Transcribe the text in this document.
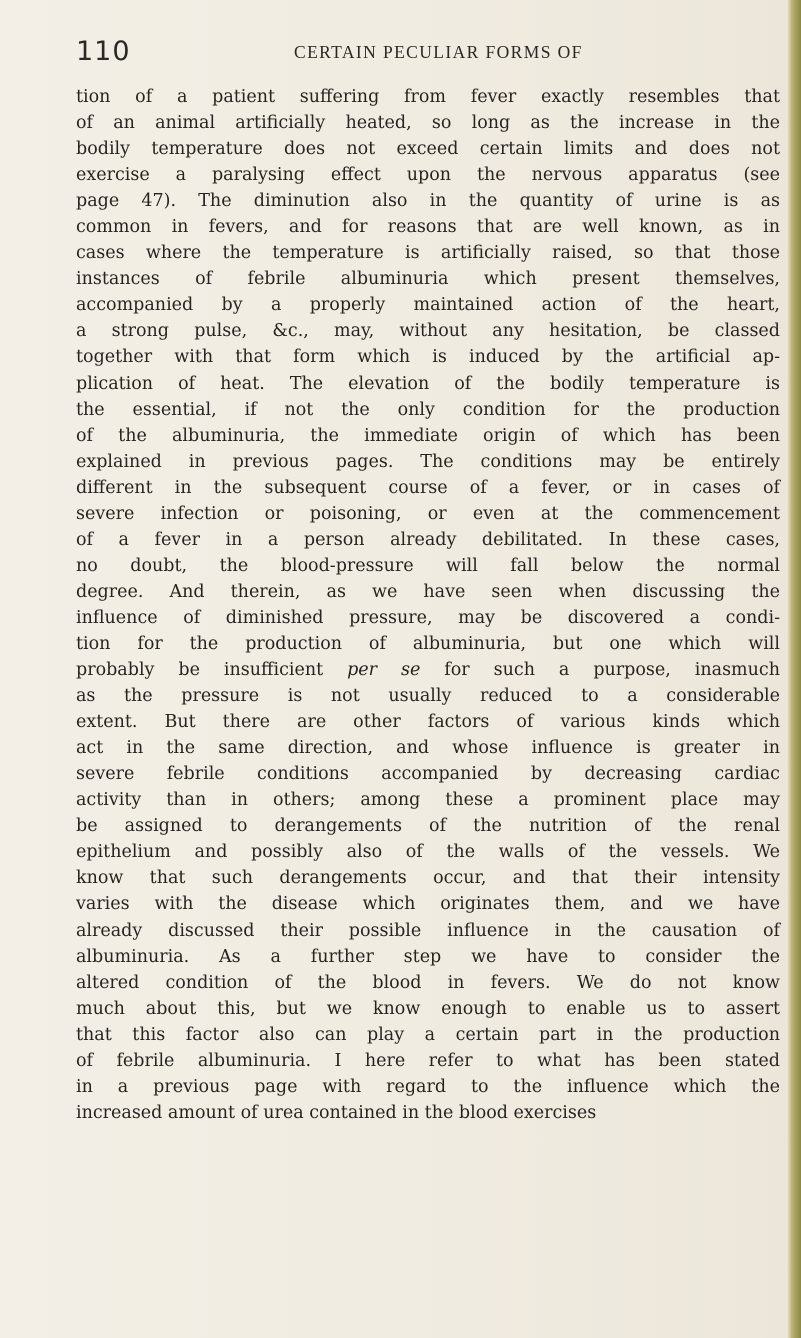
110	CERTAIN PECULIAR FORMS OF
tion of a patient suffering from fever exactly resembles that
of an animal artificially heated, so long as the increase in the
bodily temperature does not exceed certain limits and does not
exercise a paralysing effect upon the nervous apparatus (see
page 47). The diminution also in the quantity of urine is as
common in fevers, and for reasons that are well known, as in
cases where the temperature is artificially raised, so that those
instances of febrile albuminuria which present themselves,
accompanied by a properly maintained action of the heart,
a strong pulse, &c., may, without any hesitation, be classed
together with that form which is induced by the artificial ap-
plication of heat. The elevation of the bodily temperature is
the essential, if not the only condition for the production
of the albuminuria, the immediate origin of which has been
explained in previous pages. The conditions may be entirely
different in the subsequent course of a fever, or in cases of
severe infection or poisoning, or even at the commencement
of a fever in a person already debilitated. In these cases,
no doubt, the blood-pressure will fall below the normal
degree. And therein, as we have seen when discussing the
influence of diminished pressure, may be discovered a condi-
tion for the production of albuminuria, but one which will
probably be insufficient per se for such a purpose, inasmuch
as the pressure is not usually reduced to a considerable
extent. But there are other factors of various kinds which
act in the same direction, and whose influence is greater in
severe febrile conditions accompanied by decreasing cardiac
activity than in others; among these a prominent place may
be assigned to derangements of the nutrition of the renal
epithelium and possibly also of the walls of the vessels. We
know that such derangements occur, and that their intensity
varies with the disease which originates them, and we have
already discussed their possible influence in the causation of
albuminuria. As a further step we have to consider the
altered condition of the blood in fevers. We do not know
much about this, but we know enough to enable us to assert
that this factor also can play a certain part in the production
of febrile albuminuria. I here refer to what has been stated
in a previous page with regard to the influence which the
increased amount of urea contained in the blood exercises
